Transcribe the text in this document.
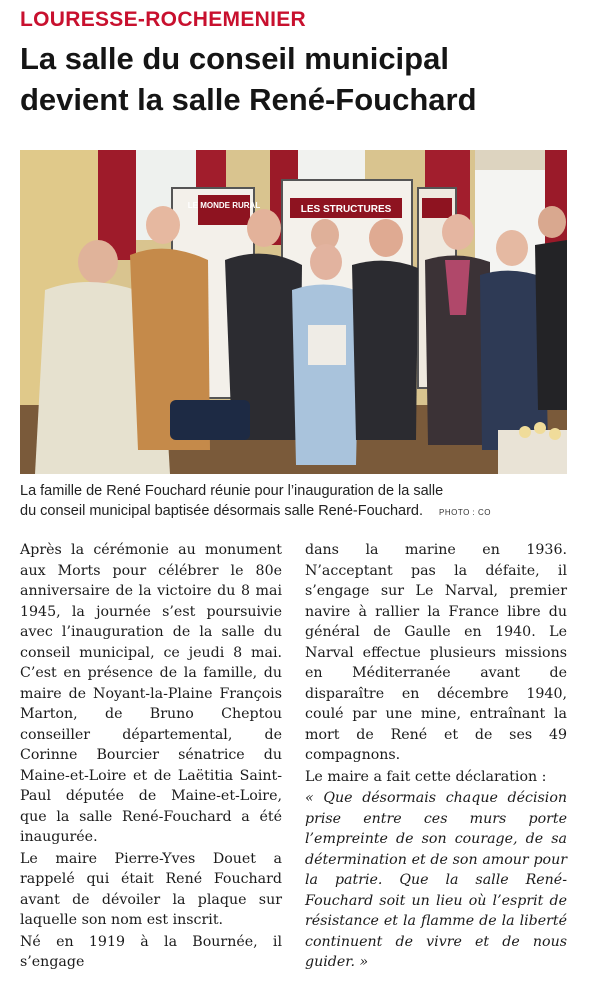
LOURESSE-ROCHEMENIER
La salle du conseil municipal
devient la salle René-Fouchard
LE MONDE RURAL	LES STRUCTURES
La famille de René Fouchard réunie pour l’inauguration de la salle
du conseil municipal baptisée désormais salle René-Fouchard. PHOTO : CO

Après la cérémonie au monument aux Morts pour célébrer le 80e anniversaire de la victoire du 8 mai 1945, la journée s’est poursuivie avec l’inauguration de la salle du conseil municipal, ce jeudi 8 mai. C’est en présence de la famille, du maire de Noyant-la-Plaine François Marton, de Bruno Cheptou conseiller départemental, de Corinne Bourcier sénatrice du Maine-et-Loire et de Laëtitia Saint-Paul députée de Maine-et-Loire, que la salle René-Fouchard a été inaugurée.

Le maire Pierre-Yves Douet a rappelé qui était René Fouchard avant de dévoiler la plaque sur laquelle son nom est inscrit.

Né en 1919 à la Bournée, il s’engage

dans la marine en 1936. N’acceptant pas la défaite, il s’engage sur Le Narval, premier navire à rallier la France libre du général de Gaulle en 1940. Le Narval effectue plusieurs missions en Méditerranée avant de disparaître en décembre 1940, coulé par une mine, entraînant la mort de René et de ses 49 compagnons.

Le maire a fait cette déclaration :

« Que désormais chaque décision prise entre ces murs porte l’empreinte de son courage, de sa détermination et de son amour pour la patrie. Que la salle René-Fouchard soit un lieu où l’esprit de résistance et la flamme de la liberté continuent de vivre et de nous guider. »
